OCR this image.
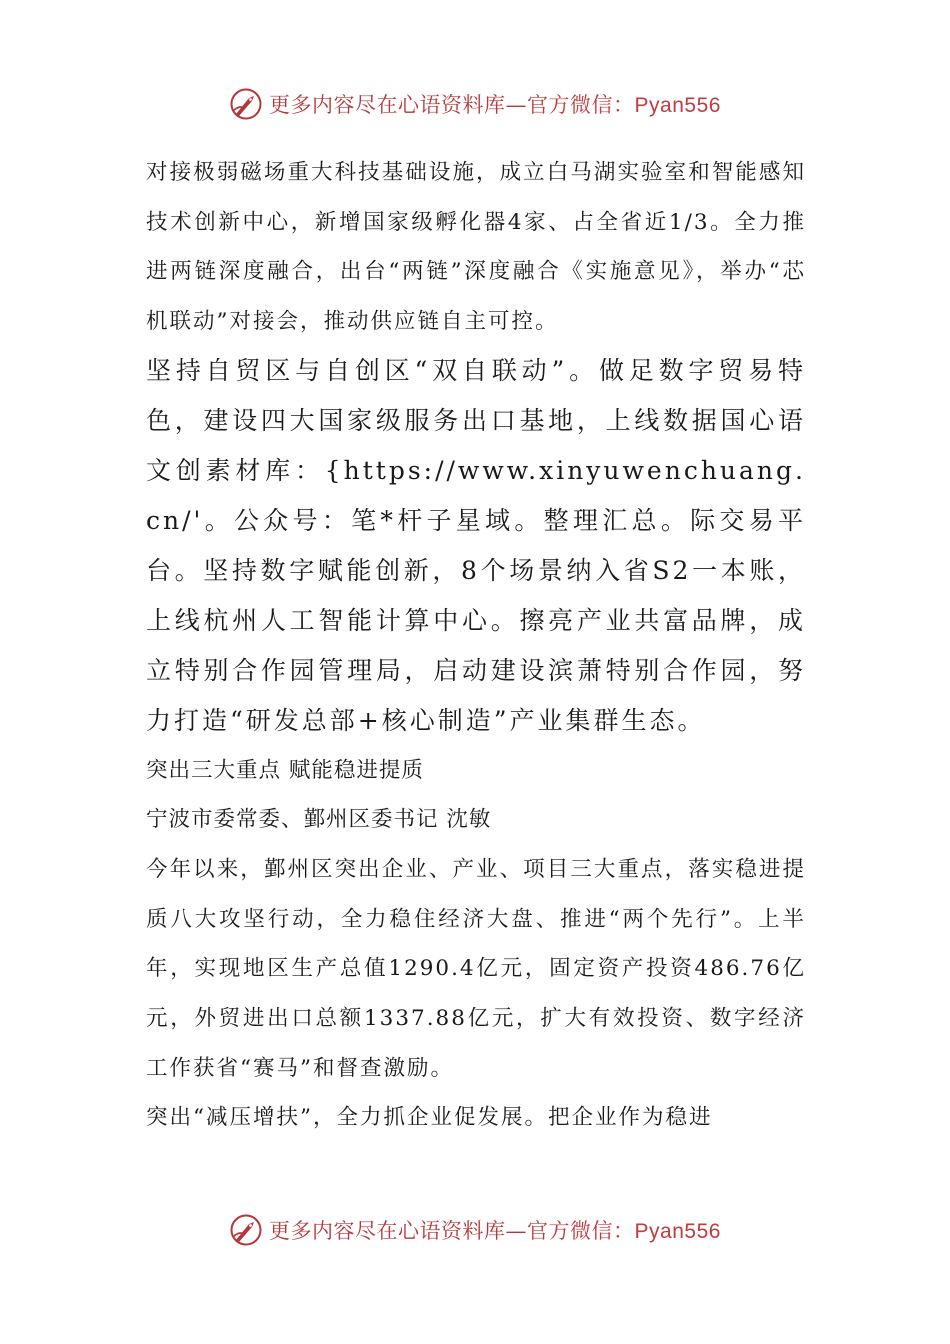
更多内容尽在心语资料库—官方微信：Pyan556

对接极弱磁场重大科技基础设施，成立白马湖实验室和智能感知技术创新中心，新增国家级孵化器4家、占全省近1/3。全力推进两链深度融合，出台“两链”深度融合《实施意见》，举办“芯机联动”对接会，推动供应链自主可控。

坚持自贸区与自创区“双自联动”。做足数字贸易特色，建设四大国家级服务出口基地，上线数据国心语文创素材库：{https://www.xinyuwenchuang.cn/'。公众号：笔*杆子星域。整理汇总。际交易平台。坚持数字赋能创新，8个场景纳入省S2一本账，上线杭州人工智能计算中心。擦亮产业共富品牌，成立特别合作园管理局，启动建设滨萧特别合作园，努力打造“研发总部+核心制造”产业集群生态。

突出三大重点 赋能稳进提质

宁波市委常委、鄞州区委书记 沈敏

今年以来，鄞州区突出企业、产业、项目三大重点，落实稳进提质八大攻坚行动，全力稳住经济大盘、推进“两个先行”。上半年，实现地区生产总值1290.4亿元，固定资产投资486.76亿元，外贸进出口总额1337.88亿元，扩大有效投资、数字经济工作获省“赛马”和督查激励。

突出“减压增扶”，全力抓企业促发展。把企业作为稳进

更多内容尽在心语资料库—官方微信：Pyan556
